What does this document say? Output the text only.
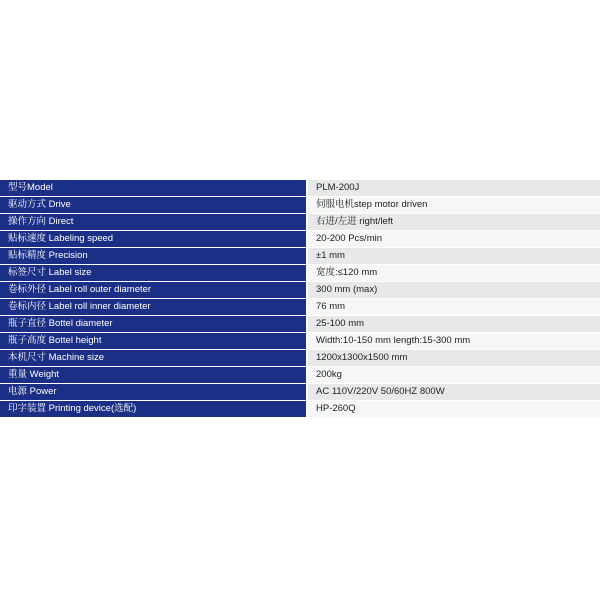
型号Model		PLM-200J
驱动方式 Drive		伺服电机step motor driven
操作方向 Direct		右进/左进 right/left
贴标速度 Labeling speed		20-200 Pcs/min
贴标精度 Precision		±1 mm
标签尺寸 Label size		宽度:≤120 mm
卷标外径 Label roll outer diameter		300 mm (max)
卷标内径 Label roll inner diameter		76 mm
瓶子直径 Bottel diameter		25-100 mm
瓶子高度 Bottel height		Width:10-150 mm length:15-300 mm
本机尺寸 Machine size		1200x1300x1500 mm
重量 Weight		200kg
电源 Power		AC 110V/220V 50/60HZ 800W
印字装置 Printing device(选配)		HP-260Q
